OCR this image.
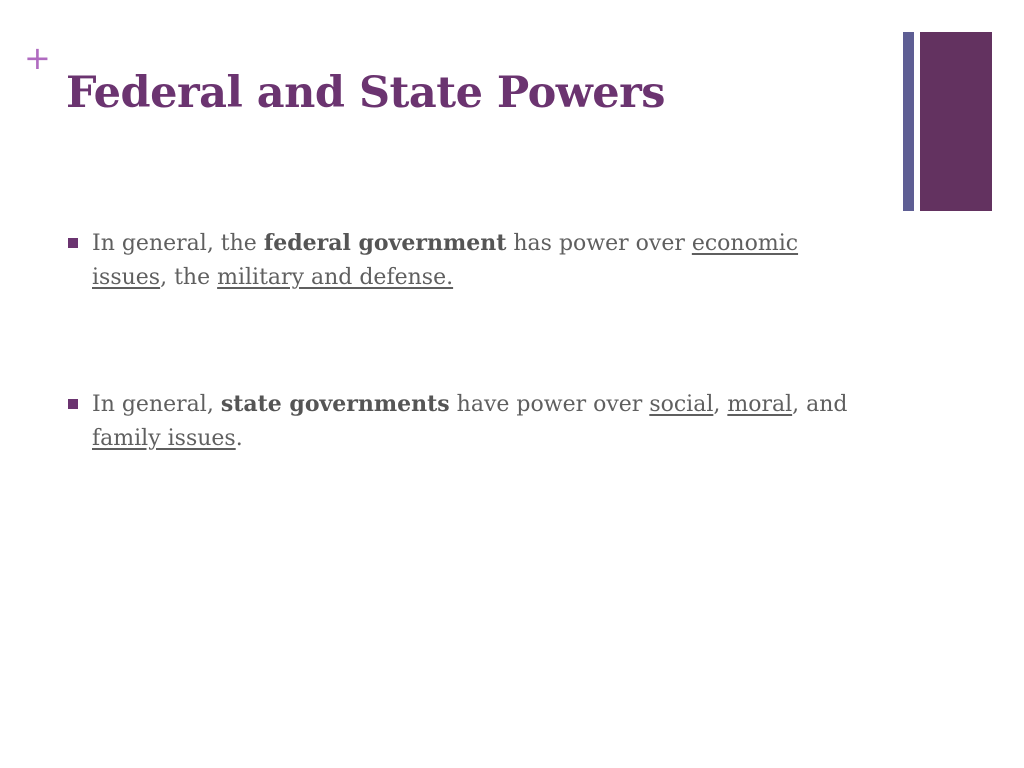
+
Federal and State Powers
In general, the federal government has power over economic issues, the military and defense.
In general, state governments have power over social, moral, and family issues.
